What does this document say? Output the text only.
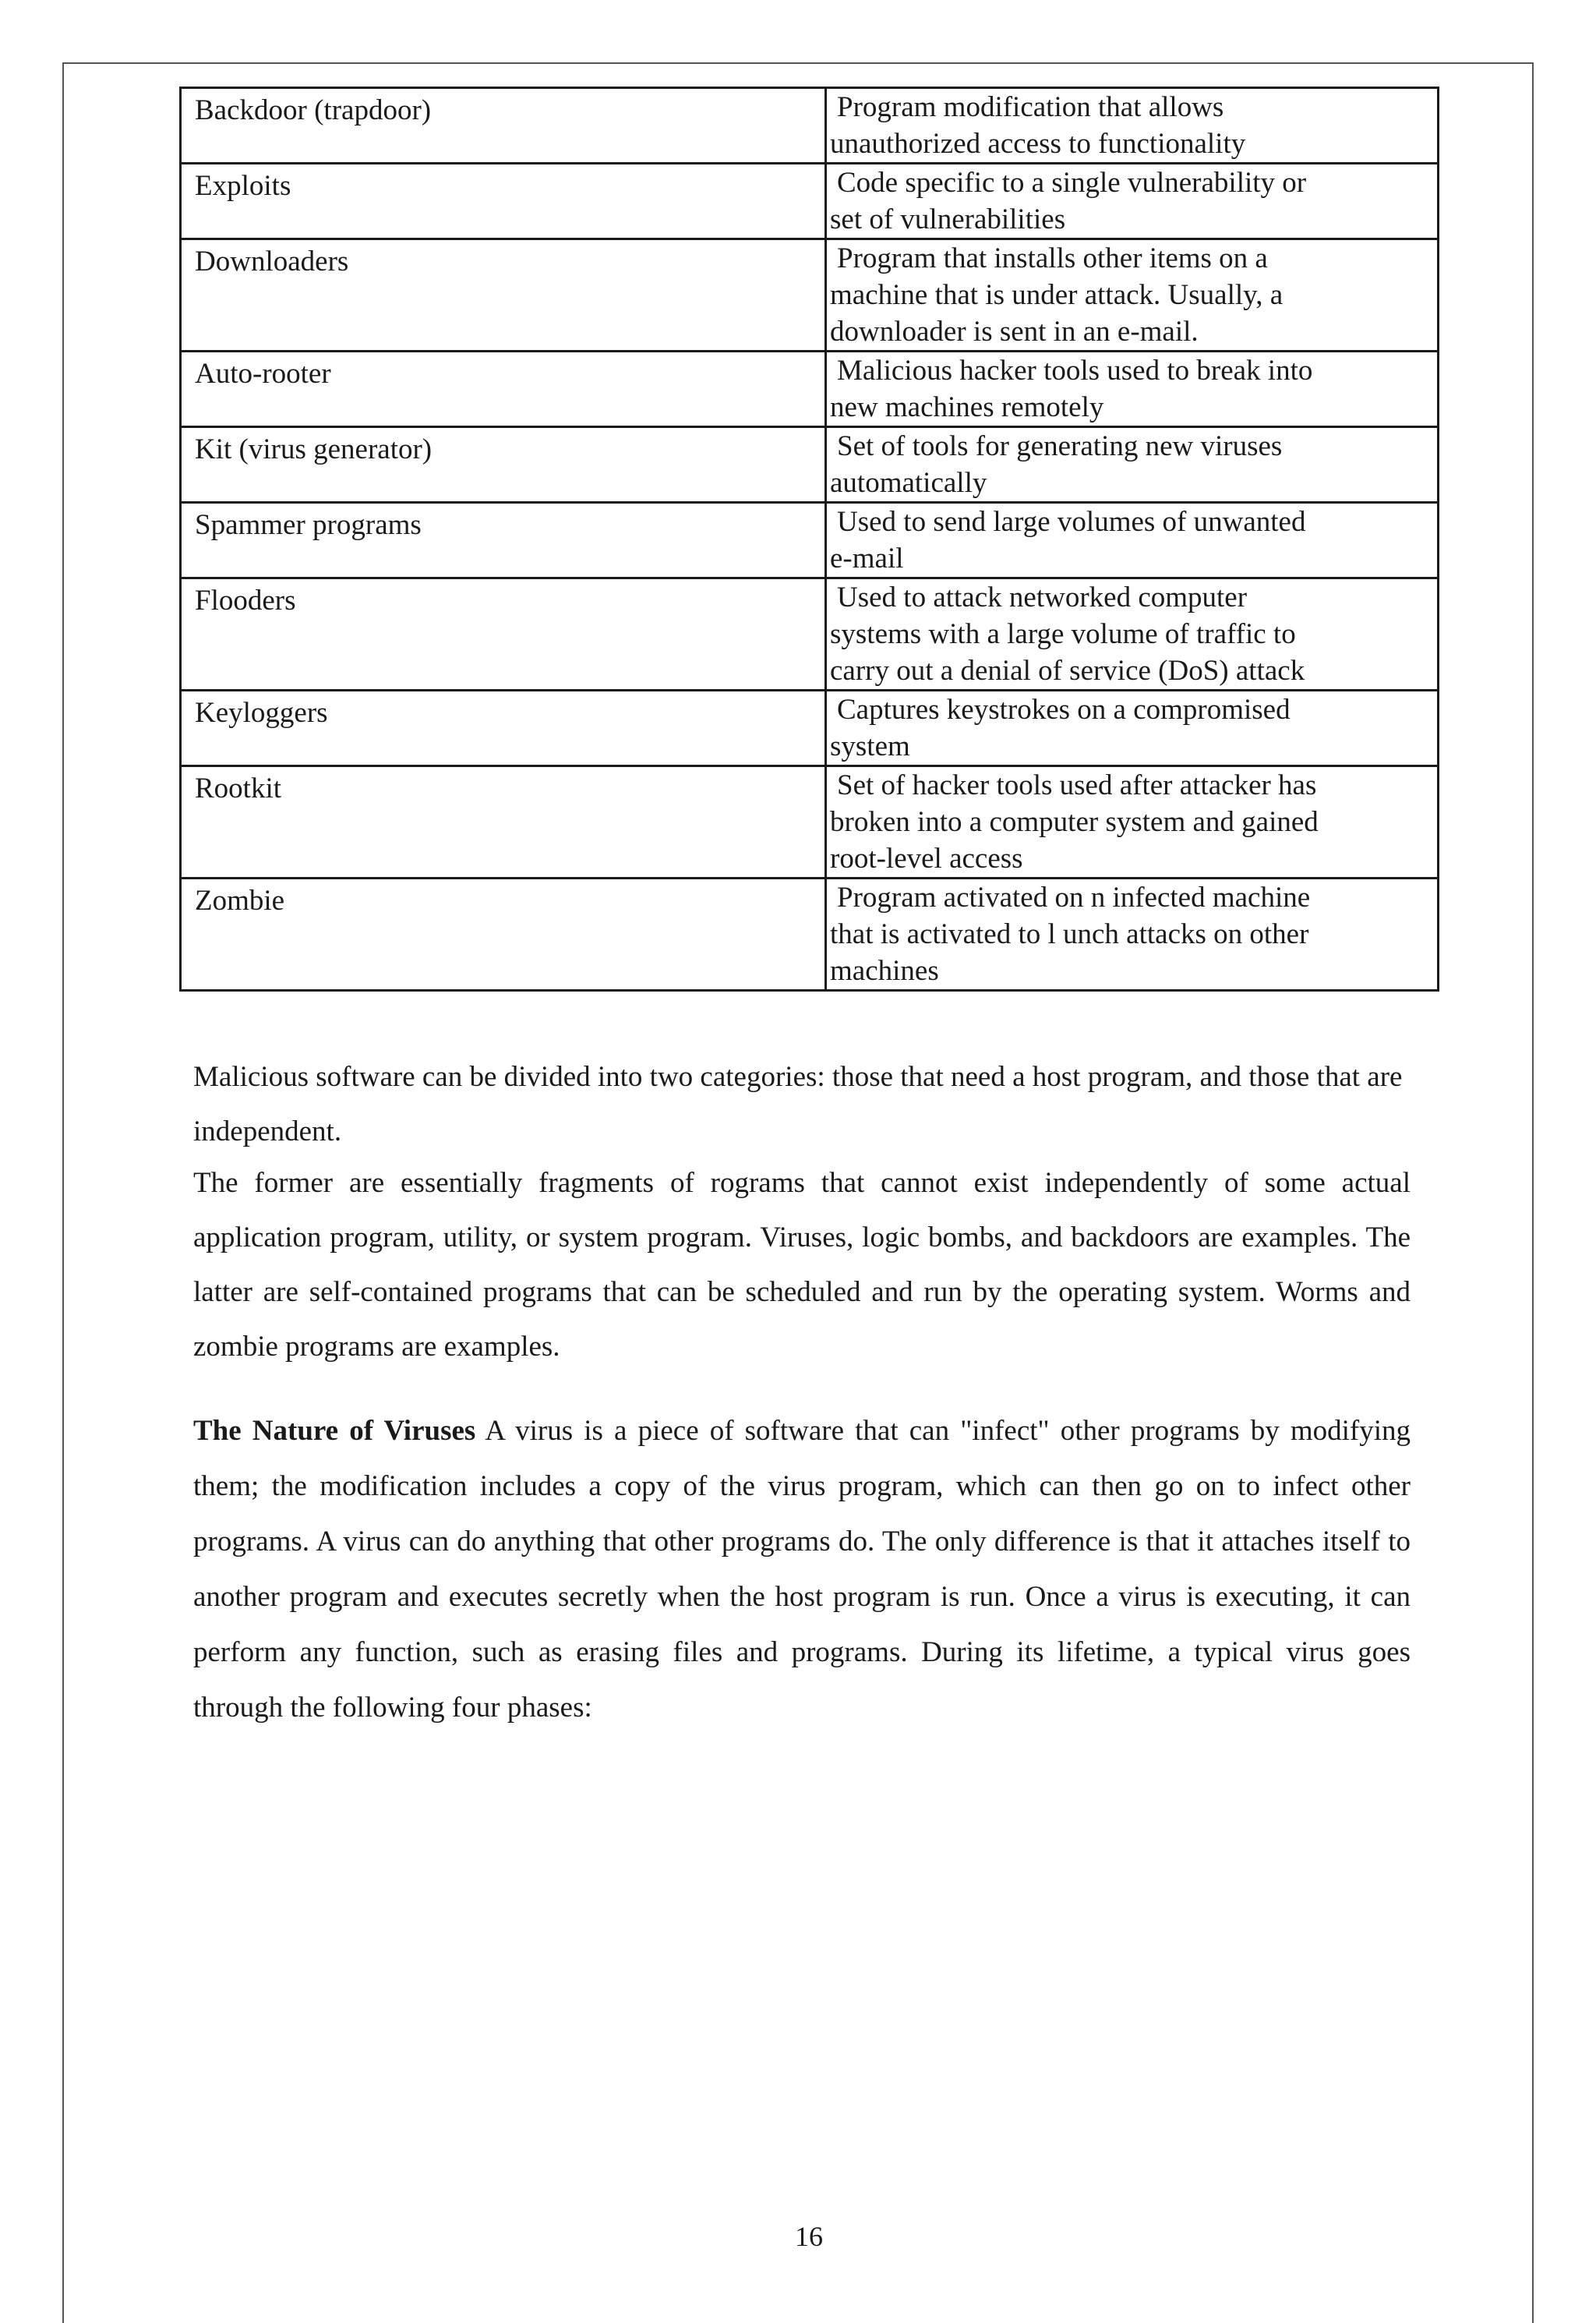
Backdoor (trapdoor)	Program modification that allows
unauthorized access to functionality

Exploits	Code specific to a single vulnerability or
set of vulnerabilities

Downloaders	Program that installs other items on a
machine that is under attack. Usually, a
downloader is sent in an e-mail.

Auto-rooter	Malicious hacker tools used to break into
new machines remotely

Kit (virus generator)	Set of tools for generating new viruses
automatically

Spammer programs	Used to send large volumes of unwanted
e-mail

Flooders	Used to attack networked computer
systems with a large volume of traffic to
carry out a denial of service (DoS) attack

Keyloggers	Captures keystrokes on a compromised
system

Rootkit	Set of hacker tools used after attacker has
broken into a computer system and gained
root-level access

Zombie	Program activated on n infected machine
that is activated to l unch attacks on other
machines

Malicious software can be divided into two categories: those that need a host program, and those that are independent.

The former are essentially fragments of rograms that cannot exist independently of some actual application program, utility, or system program. Viruses, logic bombs, and backdoors are examples. The latter are self-contained programs that can be scheduled and run by the operating system. Worms and zombie programs are examples.

The Nature of Viruses A virus is a piece of software that can "infect" other programs by modifying them; the modification includes a copy of the virus program, which can then go on to infect other programs. A virus can do anything that other programs do. The only difference is that it attaches itself to another program and executes secretly when the host program is run. Once a virus is executing, it can perform any function, such as erasing files and programs. During its lifetime, a typical virus goes through the following four phases:

16
